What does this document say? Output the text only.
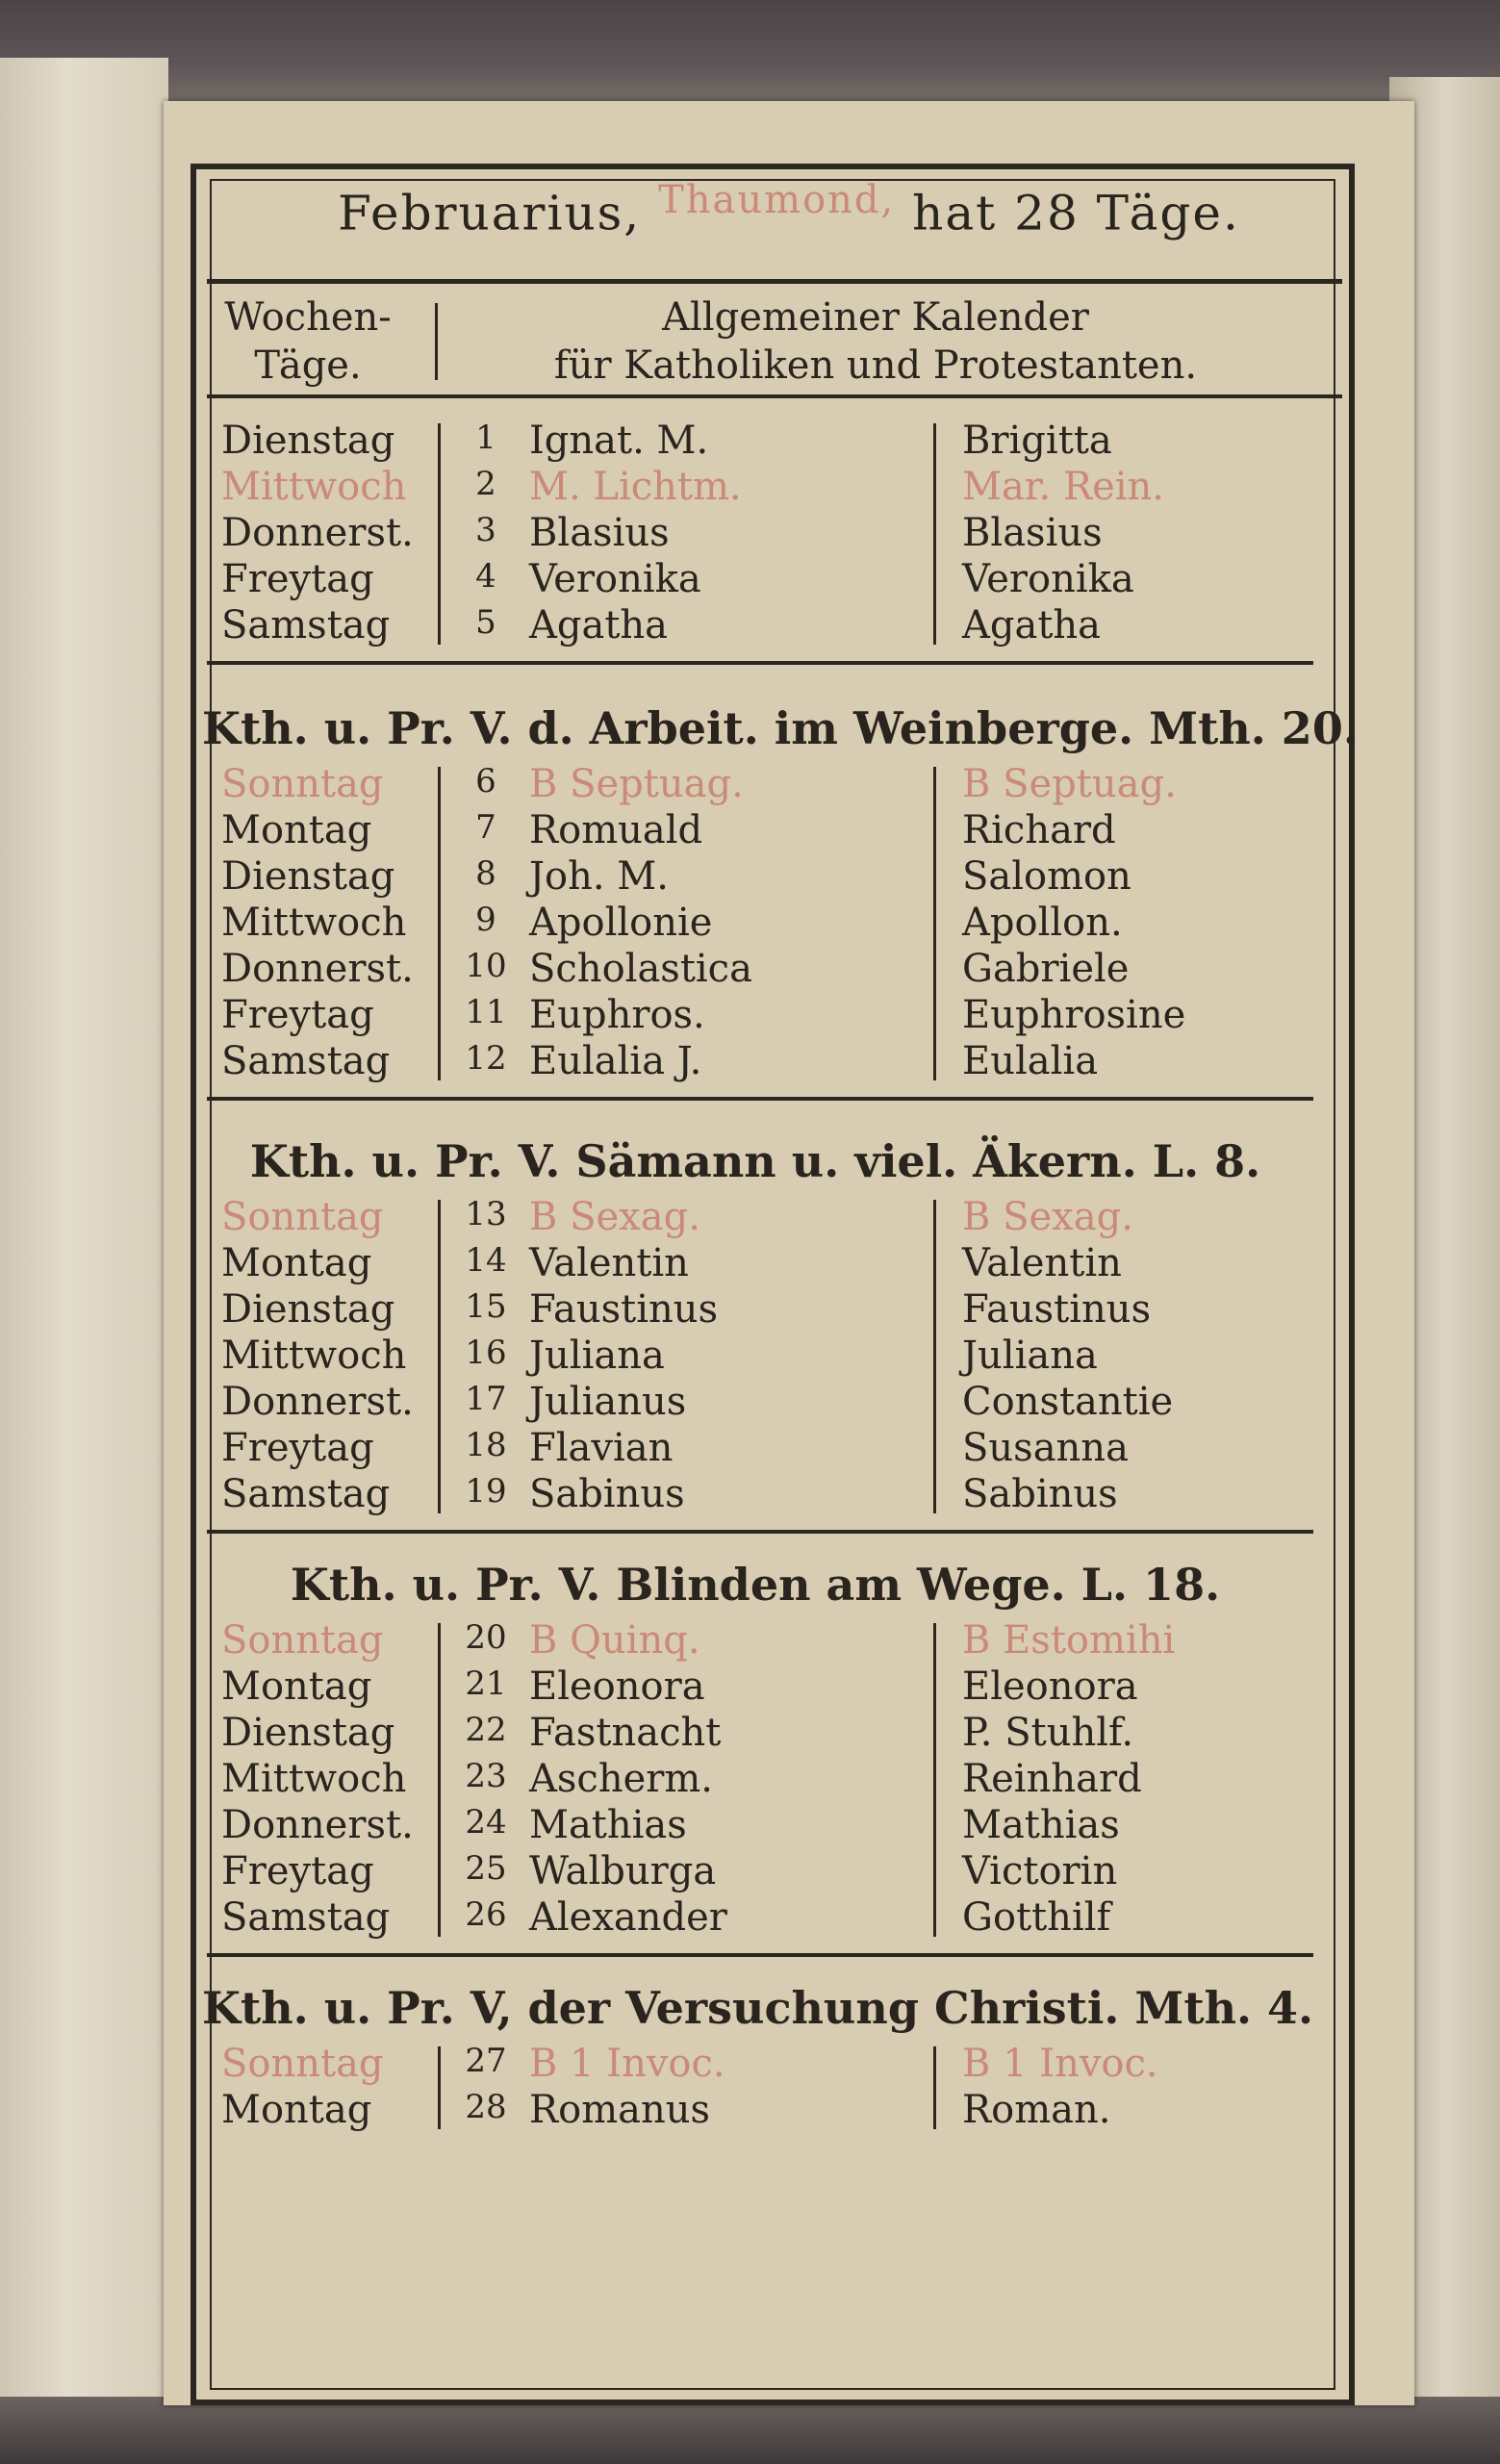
Februarius, $^{Thaumond,}$ hat 28 Täge.
Wochen-
Täge.
Allgemeiner Kalender
für Katholiken und Protestanten.
Dienstag	1 Ignat. M.	Brigitta
Mittwoch	2 M. Lichtm.	Mar. Rein.
Donnerst.	3 Blasius	Blasius
Freytag	4 Veronika	Veronika
Samstag	5 Agatha	Agatha
Kth. u. Pr. V. d. Arbeit. im Weinberge. Mth. 20.
Sonntag	6 B Septuag.	B Septuag.
Montag	7 Romuald	Richard
Dienstag	8 Joh. M.	Salomon
Mittwoch	9 Apollonie	Apollon.
Donnerst.	10 Scholastica	Gabriele
Freytag	11 Euphros.	Euphrosine
Samstag	12 Eulalia J.	Eulalia
Kth. u. Pr. V. Sämann u. viel. Äkern. L. 8.
Sonntag	13 B Sexag.	B Sexag.
Montag	14 Valentin	Valentin
Dienstag	15 Faustinus	Faustinus
Mittwoch	16 Juliana	Juliana
Donnerst.	17 Julianus	Constantie
Freytag	18 Flavian	Susanna
Samstag	19 Sabinus	Sabinus
Kth. u. Pr. V. Blinden am Wege. L. 18.
Sonntag	20 B Quinq.	B Estomihi
Montag	21 Eleonora	Eleonora
Dienstag	22 Fastnacht	P. Stuhlf.
Mittwoch	23 Ascherm.	Reinhard
Donnerst.	24 Mathias	Mathias
Freytag	25 Walburga	Victorin
Samstag	26 Alexander	Gotthilf
Kth. u. Pr. V, der Versuchung Christi. Mth. 4.
Sonntag	27 B 1 Invoc.	B 1 Invoc.
Montag	28 Romanus	Roman.
